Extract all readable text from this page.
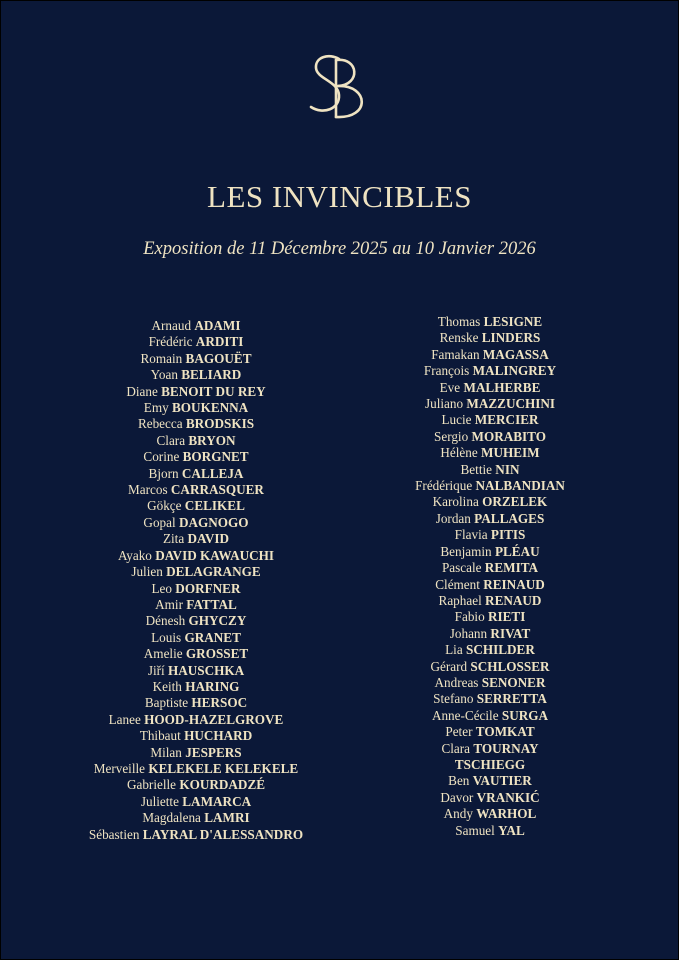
LES INVINCIBLES
Exposition de 11 Décembre 2025 au 10 Janvier 2026
Arnaud ADAMI
Frédéric ARDITI
Romain BAGOUËT
Yoan BELIARD
Diane BENOIT DU REY
Emy BOUKENNA
Rebecca BRODSKIS
Clara BRYON
Corine BORGNET
Bjorn CALLEJA
Marcos CARRASQUER
Gökçe CELIKEL
Gopal DAGNOGO
Zita DAVID
Ayako DAVID KAWAUCHI
Julien DELAGRANGE
Leo DORFNER
Amir FATTAL
Dénesh GHYCZY
Louis GRANET
Amelie GROSSET
Jiří HAUSCHKA
Keith HARING
Baptiste HERSOC
Lanee HOOD-HAZELGROVE
Thibaut HUCHARD
Milan JESPERS
Merveille KELEKELE KELEKELE
Gabrielle KOURDADZÉ
Juliette LAMARCA
Magdalena LAMRI
Sébastien LAYRAL D'ALESSANDRO
Thomas LESIGNE
Renske LINDERS
Famakan MAGASSA
François MALINGREY
Eve MALHERBE
Juliano MAZZUCHINI
Lucie MERCIER
Sergio MORABITO
Hélène MUHEIM
Bettie NIN
Frédérique NALBANDIAN
Karolina ORZELEK
Jordan PALLAGES
Flavia PITIS
Benjamin PLÉAU
Pascale REMITA
Clément REINAUD
Raphael RENAUD
Fabio RIETI
Johann RIVAT
Lia SCHILDER
Gérard SCHLOSSER
Andreas SENONER
Stefano SERRETTA
Anne-Cécile SURGA
Peter TOMKAT
Clara TOURNAY
TSCHIEGG
Ben VAUTIER
Davor VRANKIĆ
Andy WARHOL
Samuel YAL
